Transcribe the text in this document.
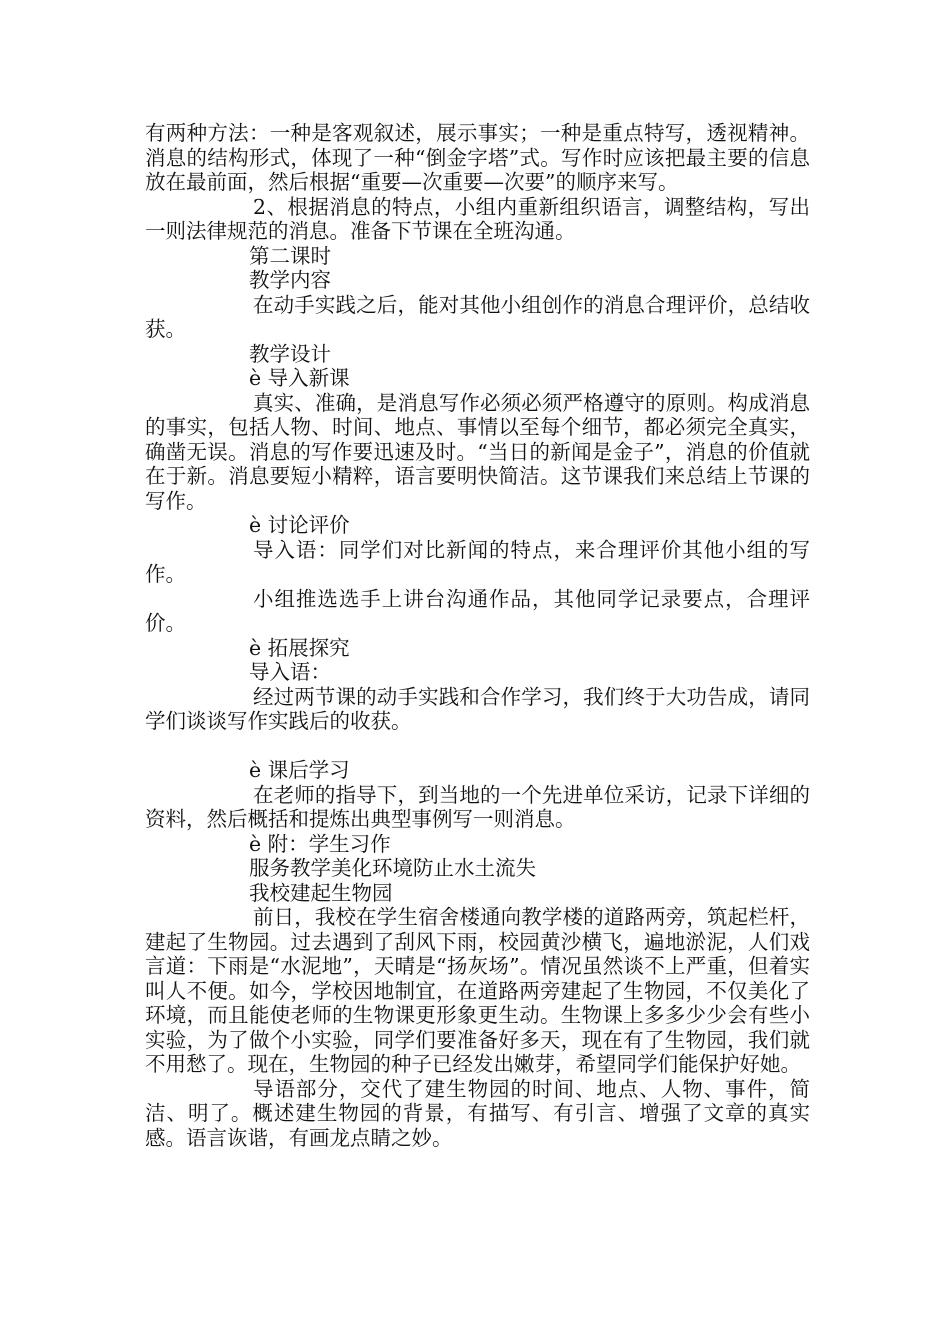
有两种方法：一种是客观叙述，展示事实；一种是重点特写，透视精神。消息的结构形式，体现了一种“倒金字塔”式。写作时应该把最主要的信息放在最前面，然后根据“重要—次重要—次要”的顺序来写。

2、根据消息的特点，小组内重新组织语言，调整结构，写出一则法律规范的消息。准备下节课在全班沟通。

第二课时

教学内容

在动手实践之后，能对其他小组创作的消息合理评价，总结收获。

教学设计

è 导入新课

真实、准确，是消息写作必须必须严格遵守的原则。构成消息的事实，包括人物、时间、地点、事情以至每个细节，都必须完全真实，确凿无误。消息的写作要迅速及时。“当日的新闻是金子”，消息的价值就在于新。消息要短小精粹，语言要明快简洁。这节课我们来总结上节课的写作。

è 讨论评价

导入语：同学们对比新闻的特点，来合理评价其他小组的写作。

小组推选选手上讲台沟通作品，其他同学记录要点，合理评价。

è 拓展探究

导入语：

经过两节课的动手实践和合作学习，我们终于大功告成，请同学们谈谈写作实践后的收获。

è 课后学习

在老师的指导下，到当地的一个先进单位采访，记录下详细的资料，然后概括和提炼出典型事例写一则消息。

è 附：学生习作

服务教学美化环境防止水土流失

我校建起生物园

前日，我校在学生宿舍楼通向教学楼的道路两旁，筑起栏杆，建起了生物园。过去遇到了刮风下雨，校园黄沙横飞，遍地淤泥，人们戏言道：下雨是“水泥地”，天晴是“扬灰场”。情况虽然谈不上严重，但着实叫人不便。如今，学校因地制宜，在道路两旁建起了生物园，不仅美化了环境，而且能使老师的生物课更形象更生动。生物课上多多少少会有些小实验，为了做个小实验，同学们要准备好多天，现在有了生物园，我们就不用愁了。现在，生物园的种子已经发出嫩芽，希望同学们能保护好她。

导语部分，交代了建生物园的时间、地点、人物、事件，简洁、明了。概述建生物园的背景，有描写、有引言、增强了文章的真实感。语言诙谐，有画龙点睛之妙。
